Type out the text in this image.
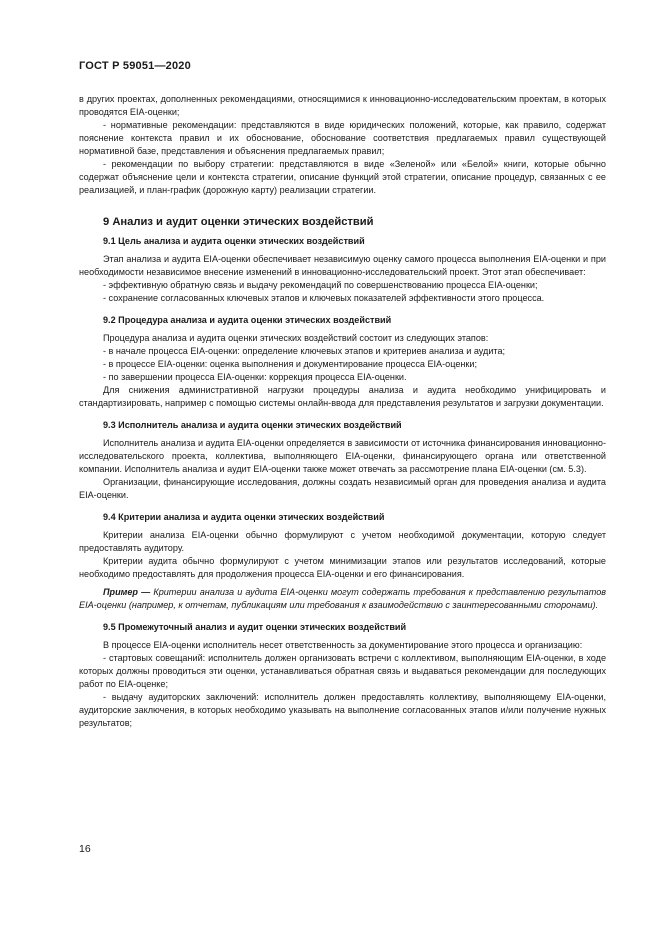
ГОСТ Р 59051—2020

в других проектах, дополненных рекомендациями, относящимися к инновационно-исследовательским проектам, в которых проводятся EIA-оценки;

- нормативные рекомендации: представляются в виде юридических положений, которые, как правило, содержат пояснение контекста правил и их обоснование, обоснование соответствия предлагаемых правил существующей нормативной базе, представления и объяснения предлагаемых правил;

- рекомендации по выбору стратегии: представляются в виде «Зеленой» или «Белой» книги, которые обычно содержат объяснение цели и контекста стратегии, описание функций этой стратегии, описание процедур, связанных с ее реализацией, и план-график (дорожную карту) реализации стратегии.

9 Анализ и аудит оценки этических воздействий

9.1 Цель анализа и аудита оценки этических воздействий

Этап анализа и аудита EIA-оценки обеспечивает независимую оценку самого процесса выполнения EIA-оценки и при необходимости независимое внесение изменений в инновационно-исследовательский проект. Этот этап обеспечивает:

- эффективную обратную связь и выдачу рекомендаций по совершенствованию процесса EIA-оценки;

- сохранение согласованных ключевых этапов и ключевых показателей эффективности этого процесса.

9.2 Процедура анализа и аудита оценки этических воздействий

Процедура анализа и аудита оценки этических воздействий состоит из следующих этапов:

- в начале процесса EIA-оценки: определение ключевых этапов и критериев анализа и аудита;

- в процессе EIA-оценки: оценка выполнения и документирование процесса EIA-оценки;

- по завершении процесса EIA-оценки: коррекция процесса EIA-оценки.

Для снижения административной нагрузки процедуры анализа и аудита необходимо унифицировать и стандартизировать, например с помощью системы онлайн-ввода для представления результатов и загрузки документации.

9.3 Исполнитель анализа и аудита оценки этических воздействий

Исполнитель анализа и аудита EIA-оценки определяется в зависимости от источника финансирования инновационно-исследовательского проекта, коллектива, выполняющего EIA-оценки, финансирующего органа или ответственной компании. Исполнитель анализа и аудит EIA-оценки также может отвечать за рассмотрение плана EIA-оценки (см. 5.3).

Организации, финансирующие исследования, должны создать независимый орган для проведения анализа и аудита EIA-оценки.

9.4 Критерии анализа и аудита оценки этических воздействий

Критерии анализа EIA-оценки обычно формулируют с учетом необходимой документации, которую следует предоставлять аудитору.

Критерии аудита обычно формулируют с учетом минимизации этапов или результатов исследований, которые необходимо предоставлять для продолжения процесса EIA-оценки и его финансирования.

Пример — Критерии анализа и аудита EIA-оценки могут содержать требования к представлению результатов EIA-оценки (например, к отчетам, публикациям или требования к взаимодействию с заинтересованными сторонами).

9.5 Промежуточный анализ и аудит оценки этических воздействий

В процессе EIA-оценки исполнитель несет ответственность за документирование этого процесса и организацию:

- стартовых совещаний: исполнитель должен организовать встречи с коллективом, выполняющим EIA-оценки, в ходе которых должны проводиться эти оценки, устанавливаться обратная связь и выдаваться рекомендации для последующих работ по EIA-оценке;

- выдачу аудиторских заключений: исполнитель должен предоставлять коллективу, выполняющему EIA-оценки, аудиторские заключения, в которых необходимо указывать на выполнение согласованных этапов и/или получение нужных результатов;

16
